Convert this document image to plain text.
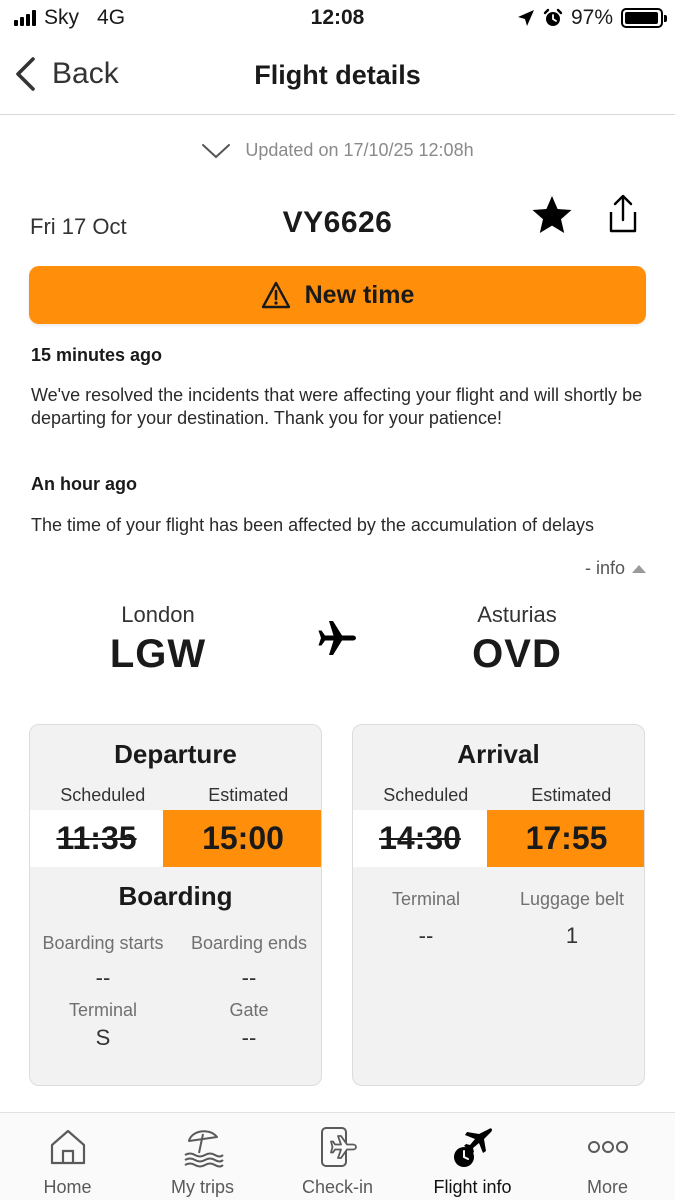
Sky 4G	12:08	97%
Back	Flight details
Updated on 17/10/25 12:08h
Fri 17 Oct	VY6626
New time
15 minutes ago
We've resolved the incidents that were affecting your flight and will shortly be departing for your destination. Thank you for your patience!
An hour ago
The time of your flight has been affected by the accumulation of delays
- info
London
LGW
Asturias
OVD
Departure
Scheduled	Estimated
11:35	15:00
Boarding
Boarding starts	Boarding ends
--	--
Terminal	Gate
S	--
Arrival
Scheduled	Estimated
14:30	17:55
Terminal	Luggage belt
--	1
Home	My trips	Check-in	Flight info	More
